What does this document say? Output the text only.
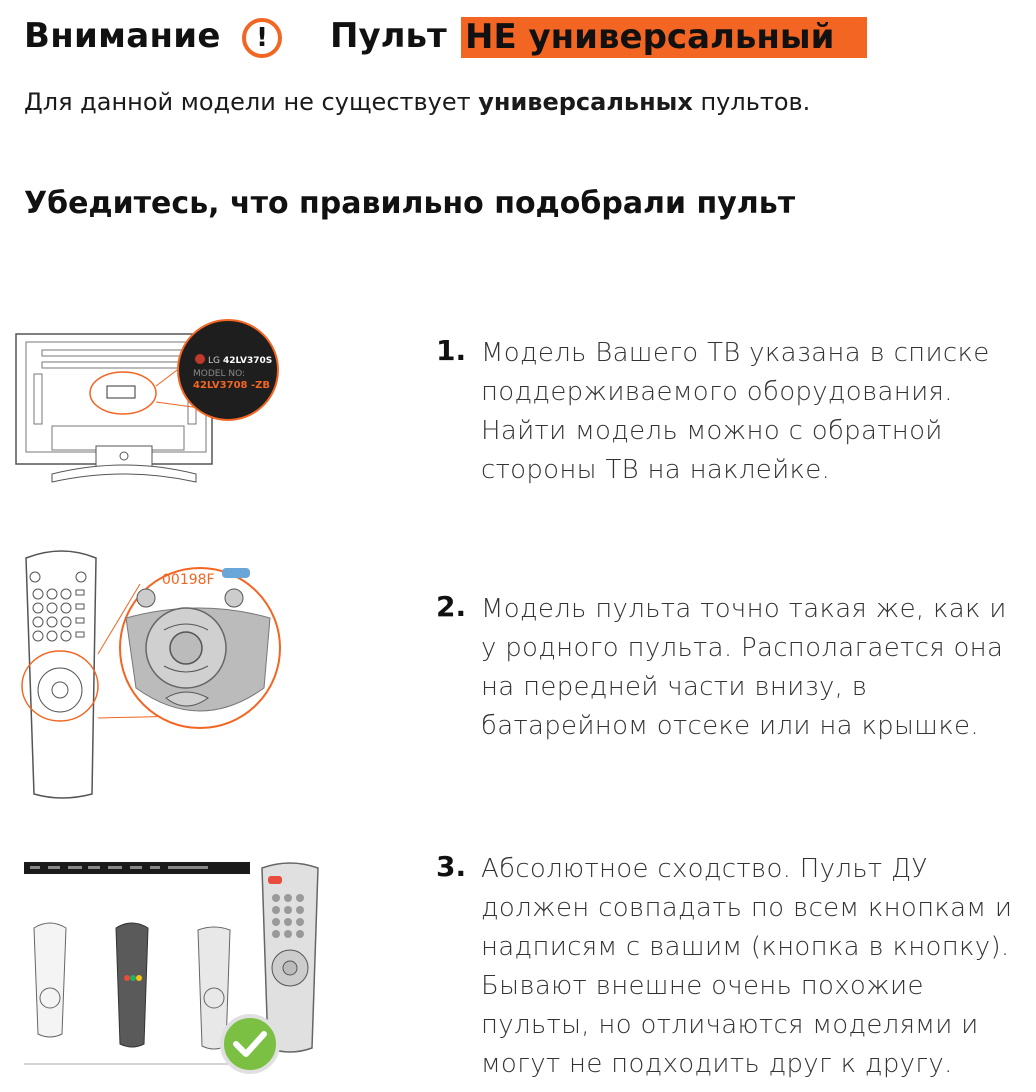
Внимание	!	Пульт НЕ универсальный
Для данной модели не существует универсальных пультов.
Убедитесь, что правильно подобрали пульт
LG 42LV370S
MODEL NO:
42LV3708 -ZB
00198F
1. Модель Вашего ТВ указана в списке
поддерживаемого оборудования.
Найти модель можно с обратной
стороны ТВ на наклейке.
2. Модель пульта точно такая же, как и
у родного пульта. Располагается она
на передней части внизу, в
батарейном отсеке или на крышке.
3. Абсолютное сходство. Пульт ДУ
должен совпадать по всем кнопкам и
надписям с вашим (кнопка в кнопку).
Бывают внешне очень похожие
пульты, но отличаются моделями и
могут не подходить друг к другу.
